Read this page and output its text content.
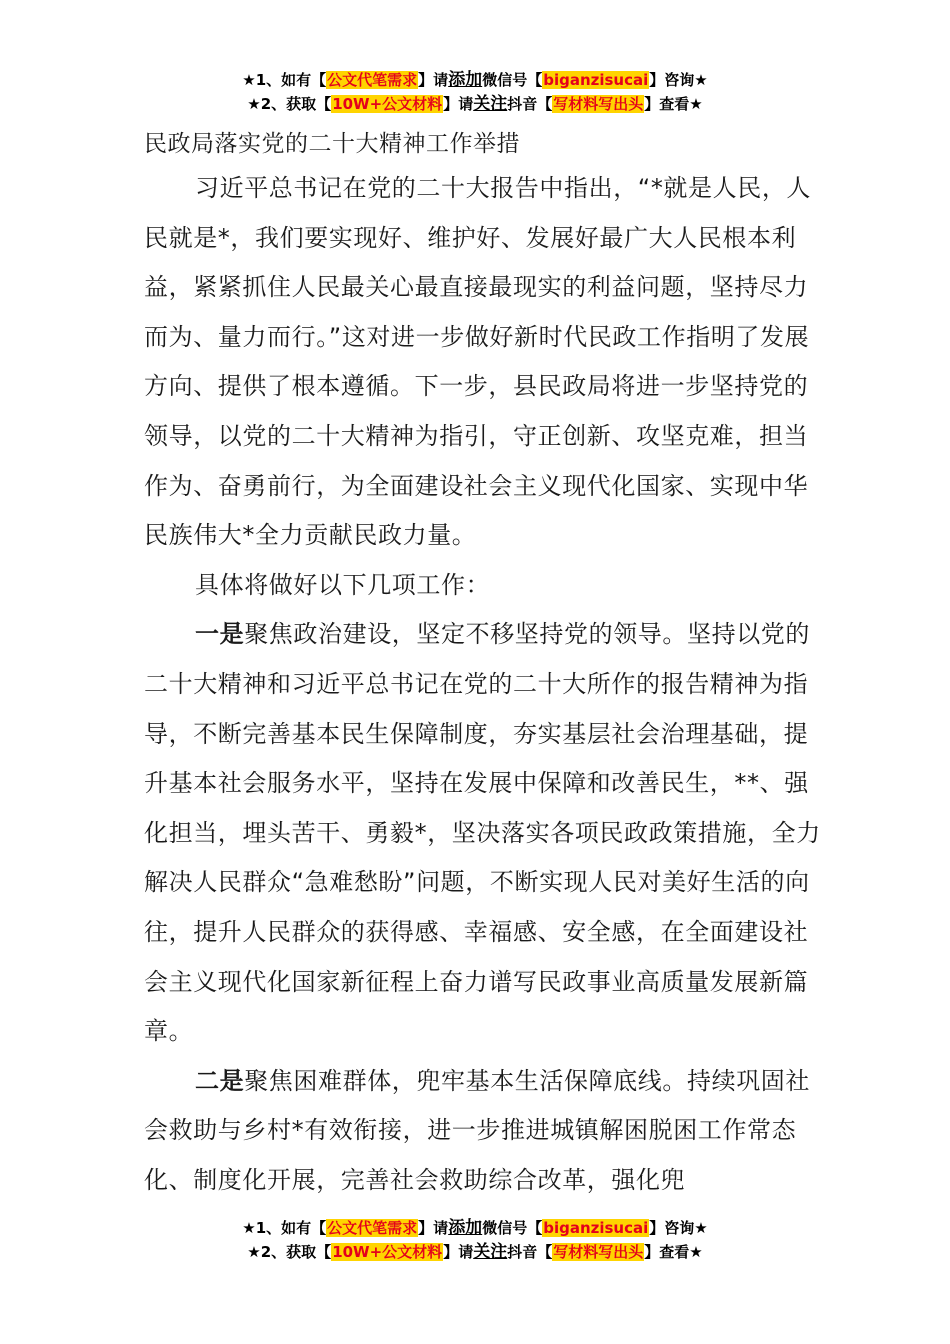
★1、如有【公文代笔需求】请添加微信号【biganzisucai】咨询★
★2、获取【10W+公文材料】请关注抖音【写材料写出头】查看★
民政局落实党的二十大精神工作举措

习近平总书记在党的二十大报告中指出，“*就是人民，人民就是*，我们要实现好、维护好、发展好最广大人民根本利益，紧紧抓住人民最关心最直接最现实的利益问题，坚持尽力而为、量力而行。”这对进一步做好新时代民政工作指明了发展方向、提供了根本遵循。下一步，县民政局将进一步坚持党的领导，以党的二十大精神为指引，守正创新、攻坚克难，担当作为、奋勇前行，为全面建设社会主义现代化国家、实现中华民族伟大*全力贡献民政力量。

具体将做好以下几项工作：

一是聚焦政治建设，坚定不移坚持党的领导。坚持以党的二十大精神和习近平总书记在党的二十大所作的报告精神为指导，不断完善基本民生保障制度，夯实基层社会治理基础，提升基本社会服务水平，坚持在发展中保障和改善民生，**、强化担当，埋头苦干、勇毅*，坚决落实各项民政政策措施，全力解决人民群众“急难愁盼”问题，不断实现人民对美好生活的向往，提升人民群众的获得感、幸福感、安全感，在全面建设社会主义现代化国家新征程上奋力谱写民政事业高质量发展新篇章。

二是聚焦困难群体，兜牢基本生活保障底线。持续巩固社会救助与乡村*有效衔接，进一步推进城镇解困脱困工作常态化、制度化开展，完善社会救助综合改革，强化兜

★1、如有【公文代笔需求】请添加微信号【biganzisucai】咨询★
★2、获取【10W+公文材料】请关注抖音【写材料写出头】查看★
